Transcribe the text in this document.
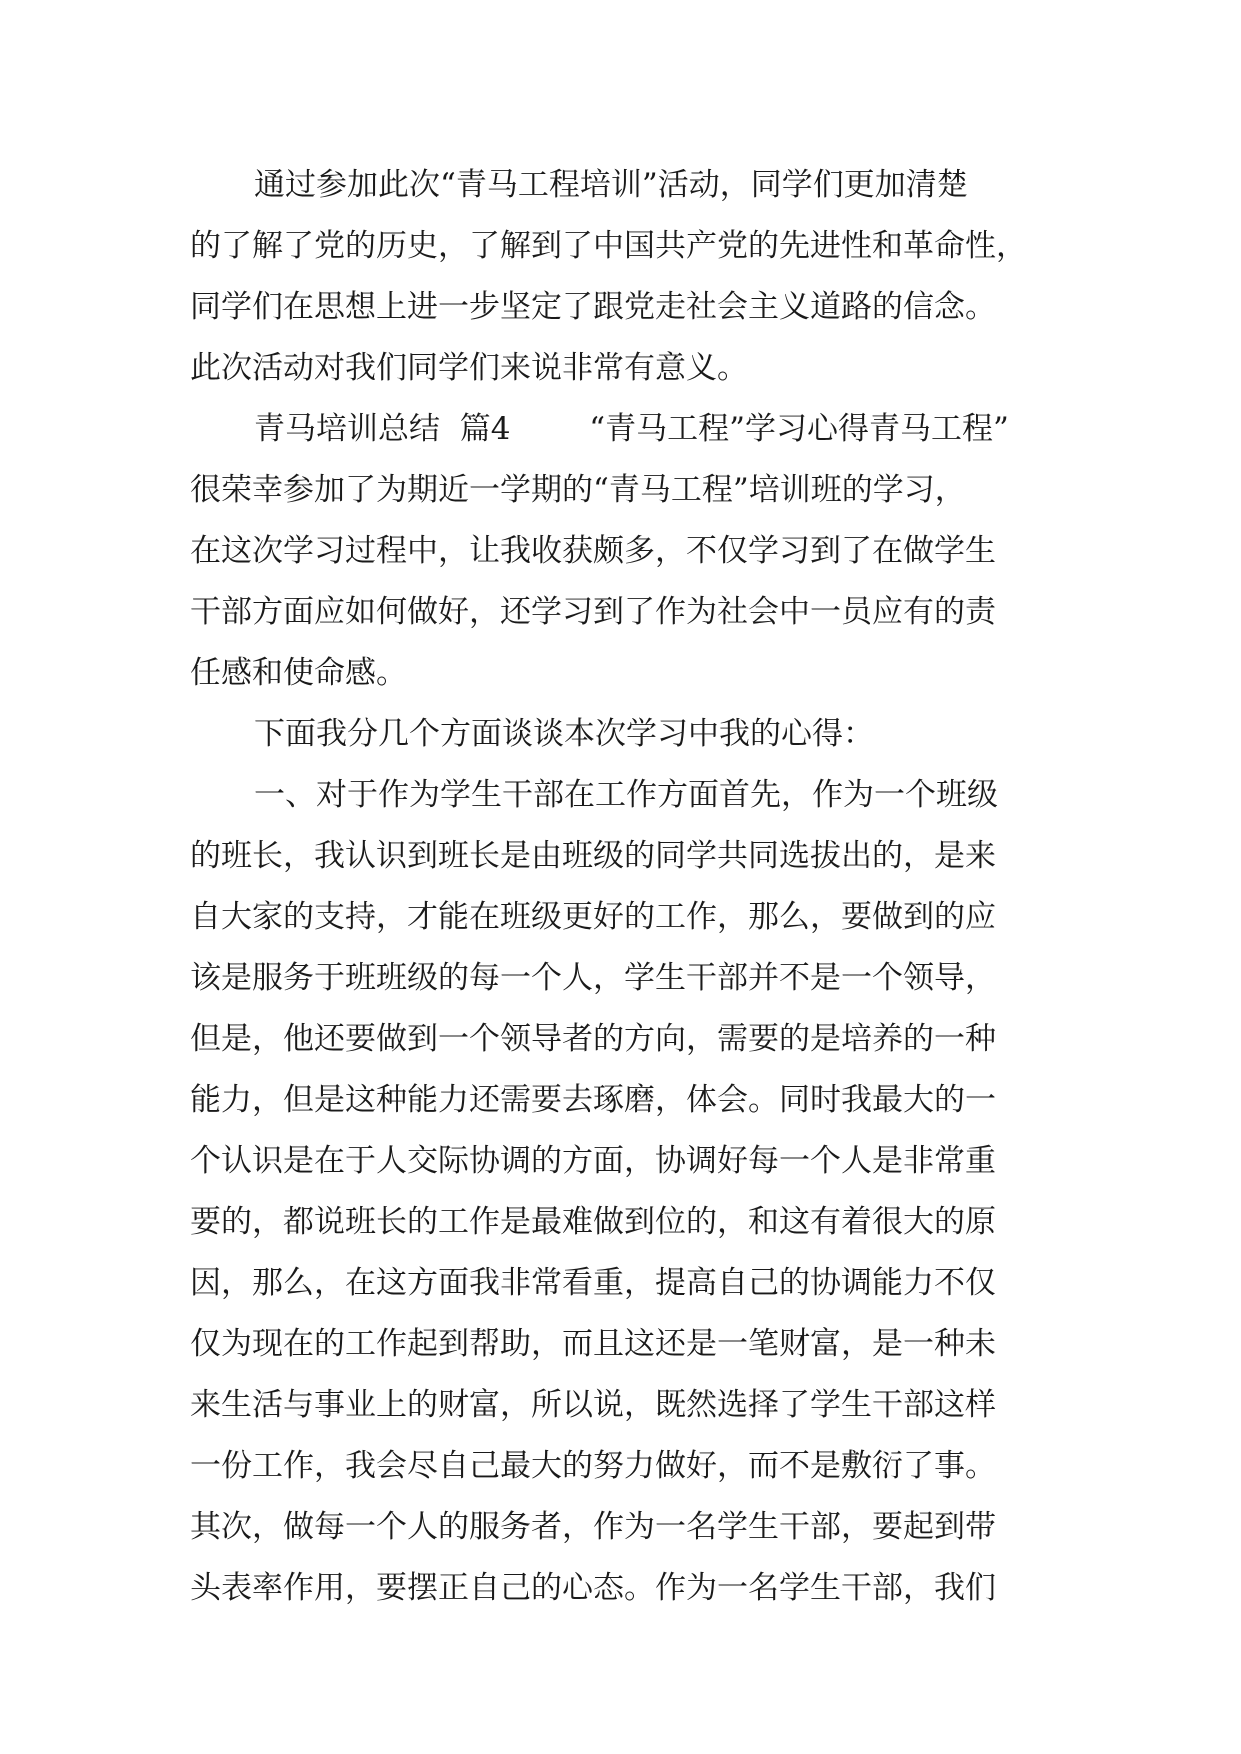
通过参加此次“青马工程培训”活动，同学们更加清楚
的了解了党的历史，了解到了中国共产党的先进性和革命性，
同学们在思想上进一步坚定了跟党走社会主义道路的信念。
此次活动对我们同学们来说非常有意义。
青马培训总结  篇4        “青马工程”学习心得青马工程”
很荣幸参加了为期近一学期的“青马工程”培训班的学习，
在这次学习过程中，让我收获颇多，不仅学习到了在做学生
干部方面应如何做好，还学习到了作为社会中一员应有的责
任感和使命感。
下面我分几个方面谈谈本次学习中我的心得：
一、对于作为学生干部在工作方面首先，作为一个班级
的班长，我认识到班长是由班级的同学共同选拔出的，是来
自大家的支持，才能在班级更好的工作，那么，要做到的应
该是服务于班班级的每一个人，学生干部并不是一个领导，
但是，他还要做到一个领导者的方向，需要的是培养的一种
能力，但是这种能力还需要去琢磨，体会。同时我最大的一
个认识是在于人交际协调的方面，协调好每一个人是非常重
要的，都说班长的工作是最难做到位的，和这有着很大的原
因，那么，在这方面我非常看重，提高自己的协调能力不仅
仅为现在的工作起到帮助，而且这还是一笔财富，是一种未
来生活与事业上的财富，所以说，既然选择了学生干部这样
一份工作，我会尽自己最大的努力做好，而不是敷衍了事。
其次，做每一个人的服务者，作为一名学生干部，要起到带
头表率作用，要摆正自己的心态。作为一名学生干部，我们
